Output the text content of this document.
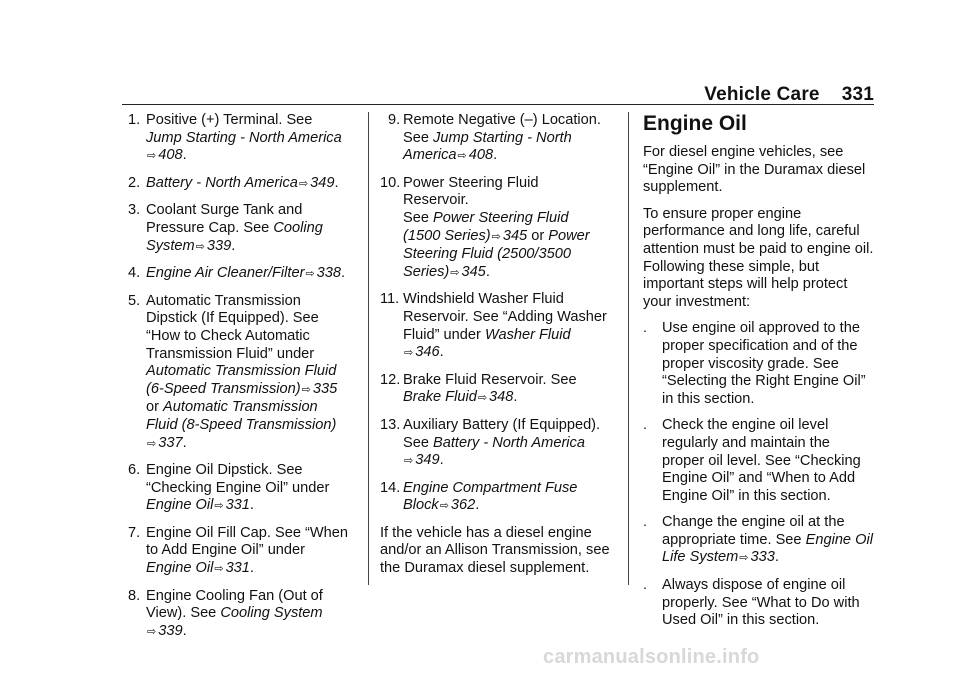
Vehicle Care 331
1. Positive (+) Terminal. See
Jump Starting - North America
⇨ 408.
2. Battery - North America⇨ 349.
3. Coolant Surge Tank and
Pressure Cap. See Cooling
System⇨ 339.
4. Engine Air Cleaner/Filter⇨ 338.
5. Automatic Transmission
Dipstick (If Equipped). See
“How to Check Automatic
Transmission Fluid” under
Automatic Transmission Fluid
(6-Speed Transmission)⇨ 335
or Automatic Transmission
Fluid (8-Speed Transmission)
⇨ 337.
6. Engine Oil Dipstick. See
“Checking Engine Oil” under
Engine Oil⇨ 331.
7. Engine Oil Fill Cap. See “When
to Add Engine Oil” under
Engine Oil⇨ 331.
8. Engine Cooling Fan (Out of
View). See Cooling System
⇨ 339.
9. Remote Negative (–) Location.
See Jump Starting - North
America⇨ 408.
10. Power Steering Fluid
Reservoir.
See Power Steering Fluid
(1500 Series)⇨ 345 or Power
Steering Fluid (2500/3500
Series)⇨ 345.
11. Windshield Washer Fluid
Reservoir. See “Adding Washer
Fluid” under Washer Fluid
⇨ 346.
12. Brake Fluid Reservoir. See
Brake Fluid⇨ 348.
13. Auxiliary Battery (If Equipped).
See Battery - North America
⇨ 349.
14. Engine Compartment Fuse
Block⇨ 362.
If the vehicle has a diesel engine
and/or an Allison Transmission, see
the Duramax diesel supplement.
Engine Oil
For diesel engine vehicles, see
“Engine Oil” in the Duramax diesel
supplement.
To ensure proper engine
performance and long life, careful
attention must be paid to engine oil.
Following these simple, but
important steps will help protect
your investment:
. Use engine oil approved to the
proper specification and of the
proper viscosity grade. See
“Selecting the Right Engine Oil”
in this section.
. Check the engine oil level
regularly and maintain the
proper oil level. See “Checking
Engine Oil” and “When to Add
Engine Oil” in this section.
. Change the engine oil at the
appropriate time. See Engine Oil
Life System⇨ 333.
. Always dispose of engine oil
properly. See “What to Do with
Used Oil” in this section.
carmanualsonline.info
